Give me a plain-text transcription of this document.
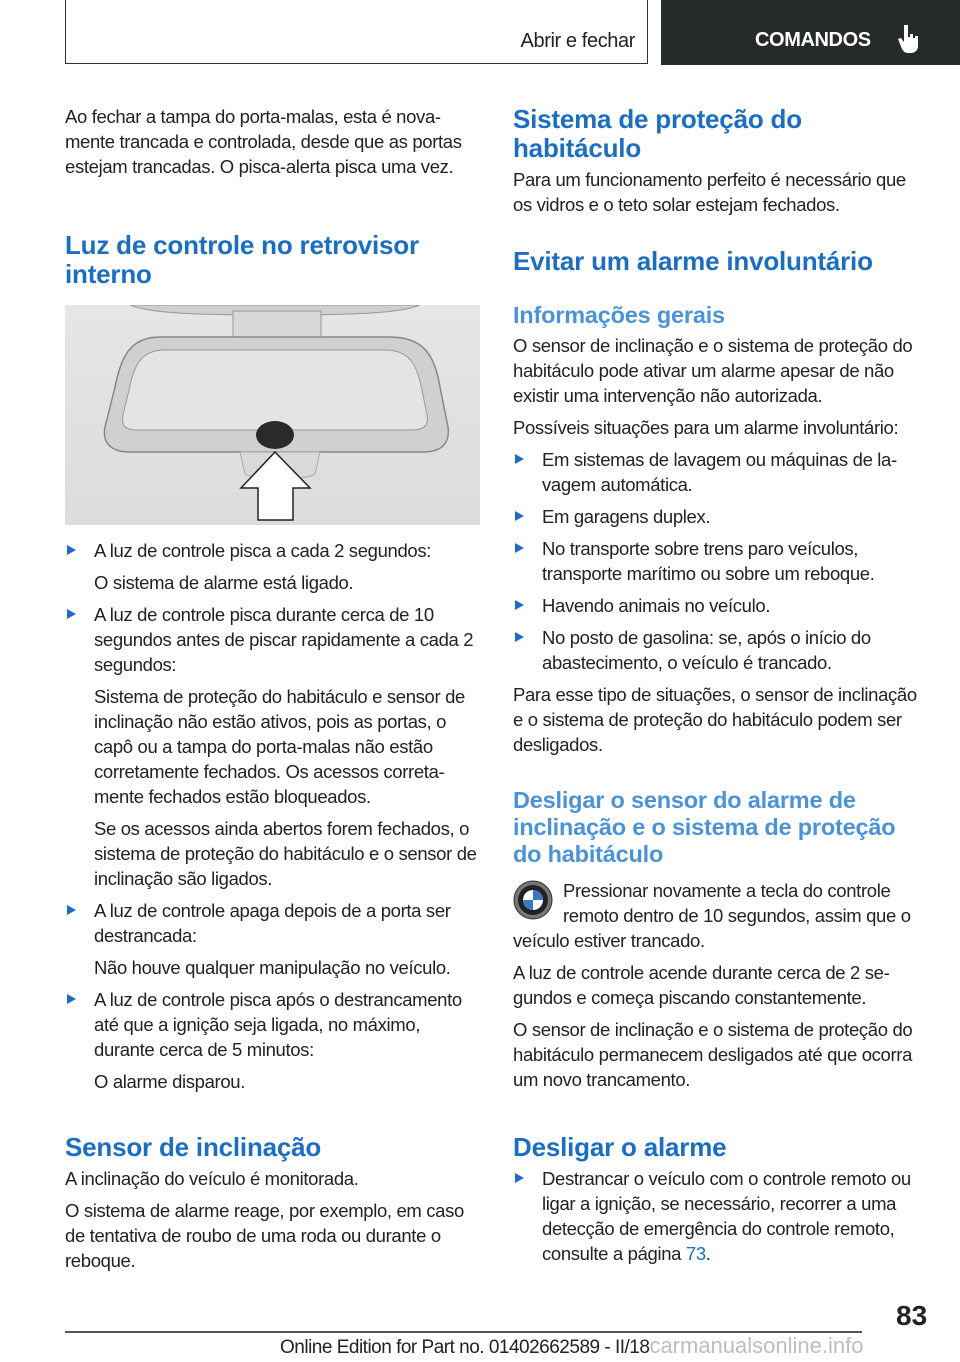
Abrir e fechar	COMANDOS

Ao fechar a tampa do porta-malas, esta é novamente trancada e controlada, desde que as portas estejam trancadas. O pisca-alerta pisca uma vez.

Luz de controle no retrovisor interno

A luz de controle pisca a cada 2 segundos:

O sistema de alarme está ligado.

A luz de controle pisca durante cerca de 10 segundos antes de piscar rapidamente a cada 2 segundos:

Sistema de proteção do habitáculo e sensor de inclinação não estão ativos, pois as portas, o capô ou a tampa do porta-malas não estão corretamente fechados. Os acessos corretamente fechados estão bloqueados.

Se os acessos ainda abertos forem fechados, o sistema de proteção do habitáculo e o sensor de inclinação são ligados.

A luz de controle apaga depois de a porta ser destrancada:

Não houve qualquer manipulação no veículo.

A luz de controle pisca após o destrancamento até que a ignição seja ligada, no máximo, durante cerca de 5 minutos:

O alarme disparou.

Sensor de inclinação

A inclinação do veículo é monitorada.

O sistema de alarme reage, por exemplo, em caso de tentativa de roubo de uma roda ou durante o reboque.

Sistema de proteção do habitáculo

Para um funcionamento perfeito é necessário que os vidros e o teto solar estejam fechados.

Evitar um alarme involuntário
Informações gerais

O sensor de inclinação e o sistema de proteção do habitáculo pode ativar um alarme apesar de não existir uma intervenção não autorizada.

Possíveis situações para um alarme involuntário:

Em sistemas de lavagem ou máquinas de lavagem automática.

Em garagens duplex.

No transporte sobre trens paro veículos, transporte marítimo ou sobre um reboque.

Havendo animais no veículo.

No posto de gasolina: se, após o início do abastecimento, o veículo é trancado.

Para esse tipo de situações, o sensor de inclinação e o sistema de proteção do habitáculo podem ser desligados.

Desligar o sensor do alarme de inclinação e o sistema de proteção do habitáculo

Pressionar novamente a tecla do controle remoto dentro de 10 segundos, assim que o veículo estiver trancado.

A luz de controle acende durante cerca de 2 segundos e começa piscando constantemente.

O sensor de inclinação e o sistema de proteção do habitáculo permanecem desligados até que ocorra um novo trancamento.

Desligar o alarme

Destrancar o veículo com o controle remoto ou ligar a ignição, se necessário, recorrer a uma detecção de emergência do controle remoto, consulte a página 73.

83
Online Edition for Part no. 01402662589 - II/18carmanualsonline.info
